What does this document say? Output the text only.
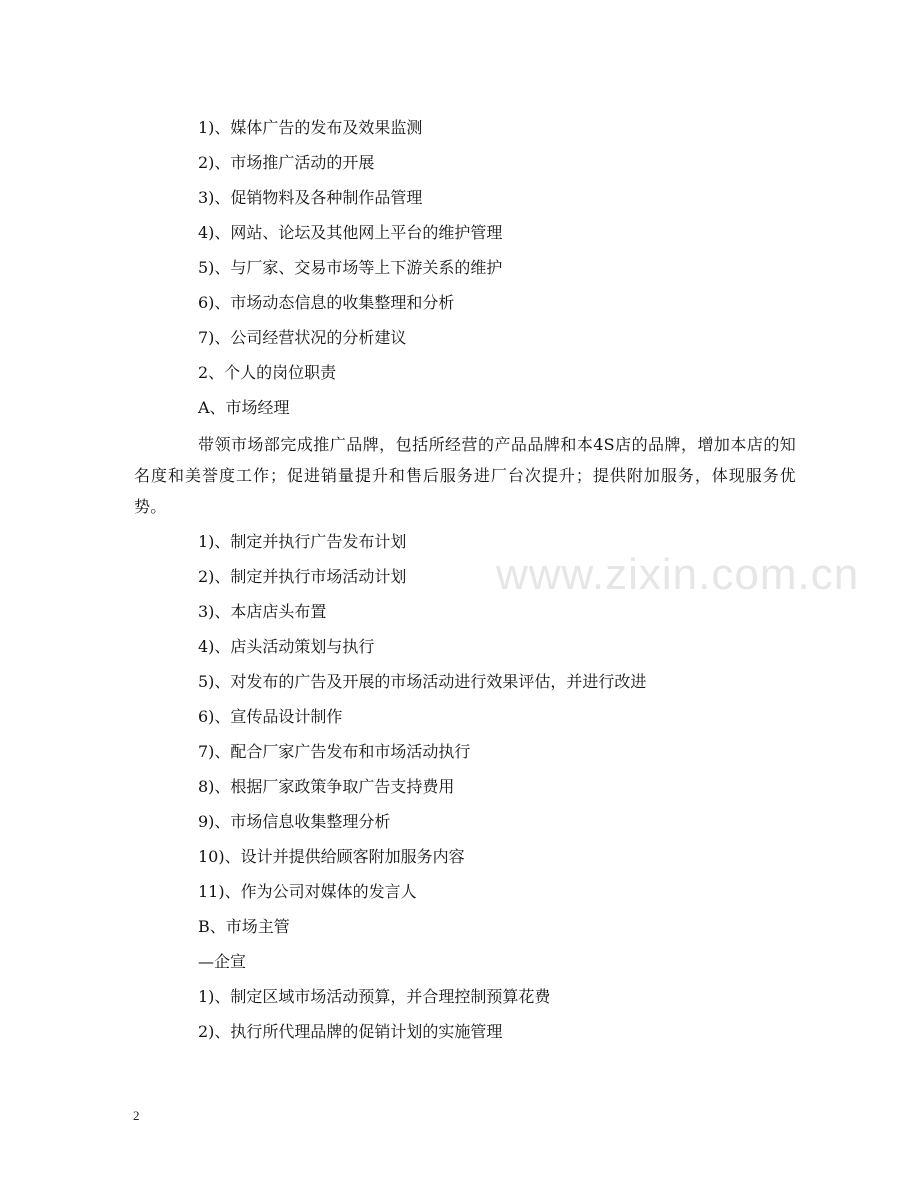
www.zixin.com.cn
1)、媒体广告的发布及效果监测
2)、市场推广活动的开展
3)、促销物料及各种制作品管理
4)、网站、论坛及其他网上平台的维护管理
5)、与厂家、交易市场等上下游关系的维护
6)、市场动态信息的收集整理和分析
7)、公司经营状况的分析建议
2、个人的岗位职责
A、市场经理
带领市场部完成推广品牌，包括所经营的产品品牌和本4S店的品牌，增加本店的知名度和美誉度工作；促进销量提升和售后服务进厂台次提升；提供附加服务，体现服务优势。
1)、制定并执行广告发布计划
2)、制定并执行市场活动计划
3)、本店店头布置
4)、店头活动策划与执行
5)、对发布的广告及开展的市场活动进行效果评估，并进行改进
6)、宣传品设计制作
7)、配合厂家广告发布和市场活动执行
8)、根据厂家政策争取广告支持费用
9)、市场信息收集整理分析
10)、设计并提供给顾客附加服务内容
11)、作为公司对媒体的发言人
B、市场主管
—企宣
1)、制定区域市场活动预算，并合理控制预算花费
2)、执行所代理品牌的促销计划的实施管理
2
